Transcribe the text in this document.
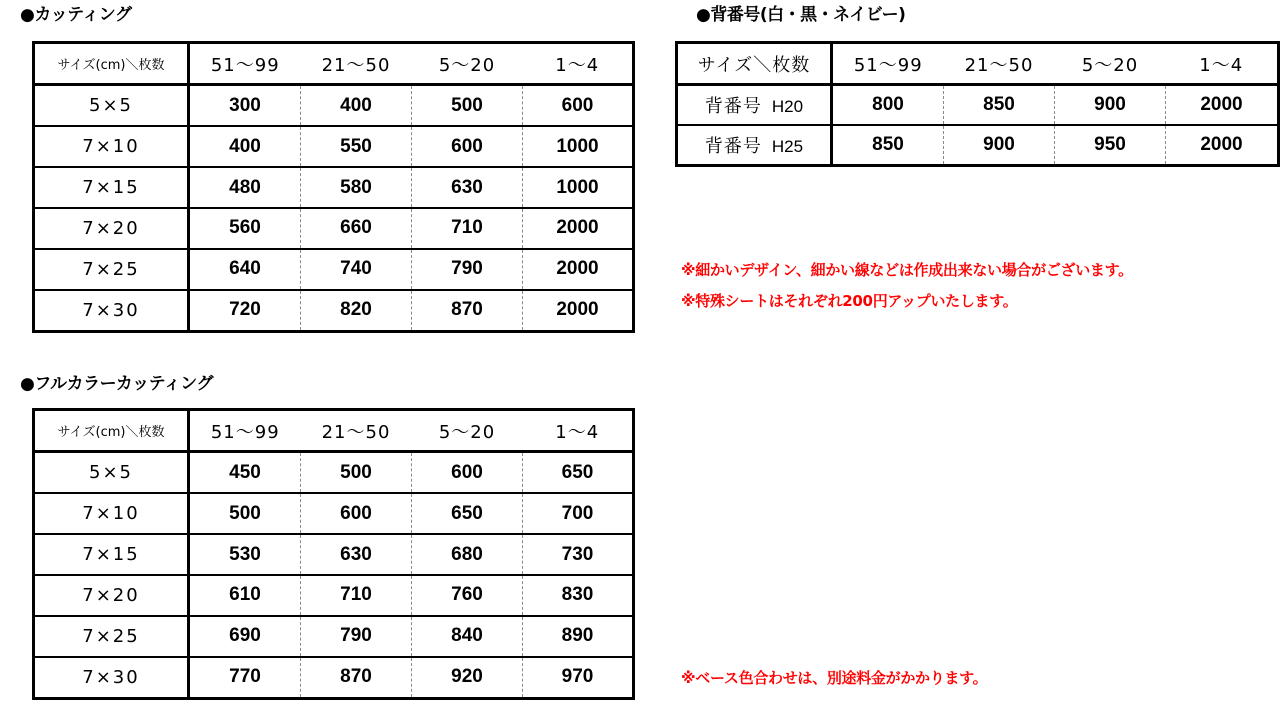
●カッティング
サイズ(cm)＼枚数	51～99	21～50	5～20	1～4
5×5	300	400	500	600
7×10	400	550	600	1000
7×15	480	580	630	1000
7×20	560	660	710	2000
7×25	640	740	790	2000
7×30	720	820	870	2000
●フルカラーカッティング
サイズ(cm)＼枚数	51～99	21～50	5～20	1～4
5×5	450	500	600	650
7×10	500	600	650	700
7×15	530	630	680	730
7×20	610	710	760	830
7×25	690	790	840	890
7×30	770	870	920	970
●背番号(白・黒・ネイビー)
サイズ＼枚数	51～99	21～50	5～20	1～4
背番号 H20	800	850	900	2000
背番号 H25	850	900	950	2000
※細かいデザイン、細かい線などは作成出来ない場合がございます。
※特殊シートはそれぞれ200円アップいたします。
※ベース色合わせは、別途料金がかかります。
